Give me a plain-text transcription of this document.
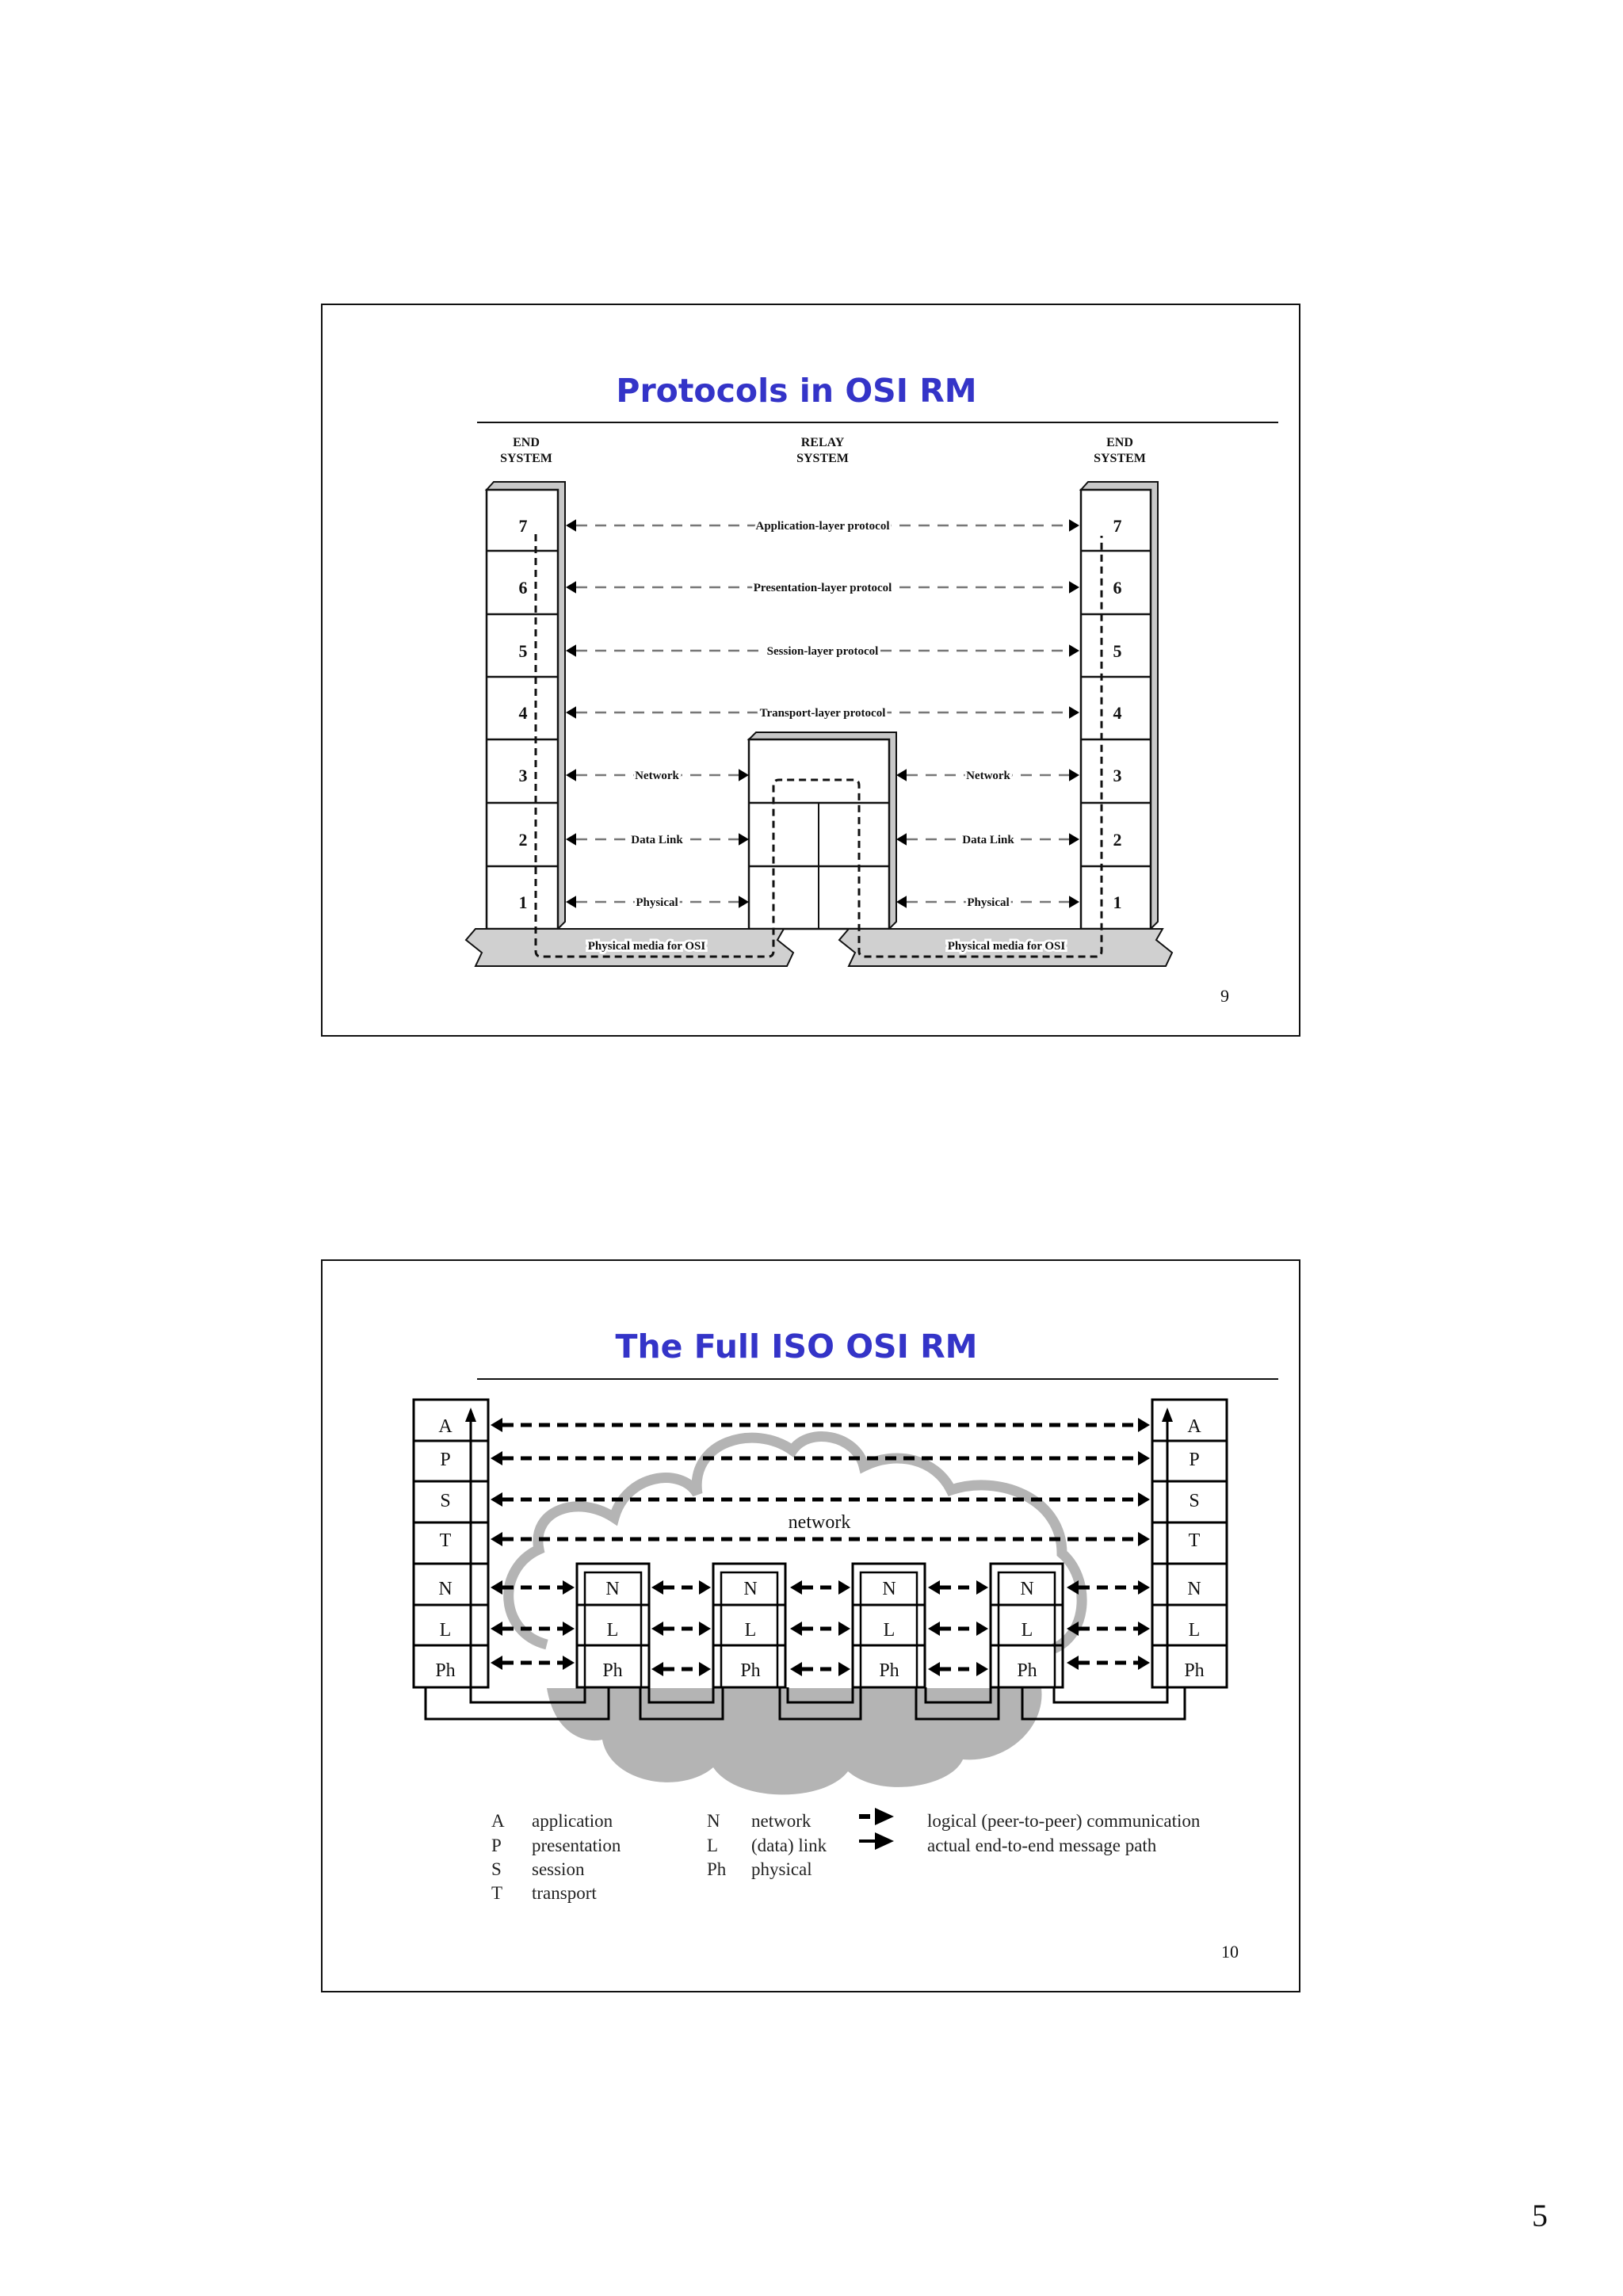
Protocols in OSI RM
The Full ISO OSI RM
END
SYSTEM
RELAY
SYSTEM
END
SYSTEM
7
6
5
4
3
2
1
7
6
5
4
3
2
1
Physical media for OSI	Physical media for OSI
Application-layer protocol
Presentation-layer protocol
Session-layer protocol
Transport-layer protocol
Network	Network
Data Link	Data Link
Physical	Physical
A
P
S
T
N
L
Ph
A
P
S
T
N
L
Ph
N
L
Ph
N
L
Ph
N
L
Ph
N
L
Ph
network
A application
P presentation
S session
T transport
N network
L (data) link
Ph physical
logical (peer-to-peer) communication
actual end-to-end message path
9
10
5
